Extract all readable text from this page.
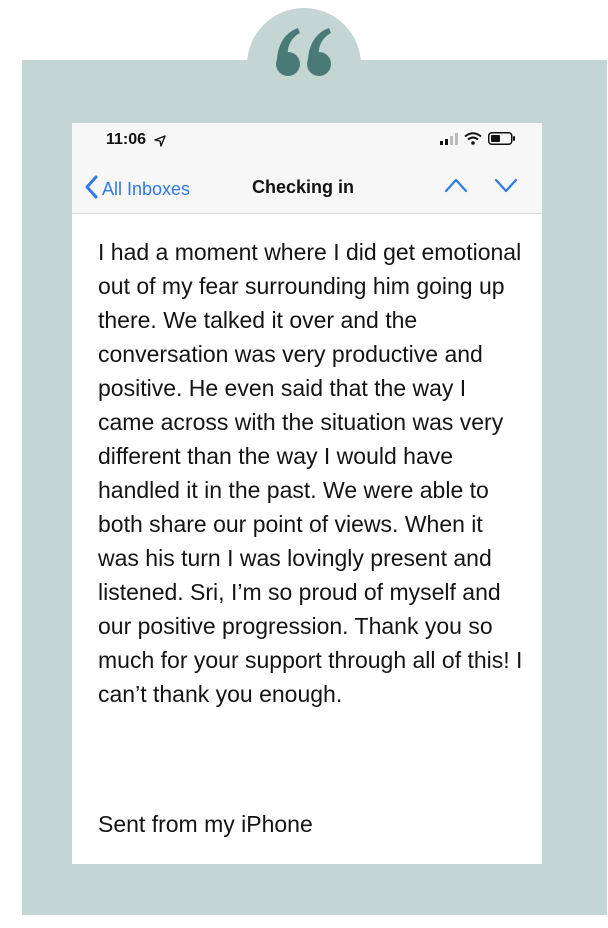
11:06
All Inboxes	Checking in

I had a moment where I did get emotional out of my fear surrounding him going up there. We talked it over and the conversation was very productive and positive. He even said that the way I came across with the situation was very different than the way I would have handled it in the past. We were able to both share our point of views. When it was his turn I was lovingly present and listened. Sri, I’m so proud of myself and our positive progression. Thank you so much for your support through all of this! I can’t thank you enough.

Sent from my iPhone
